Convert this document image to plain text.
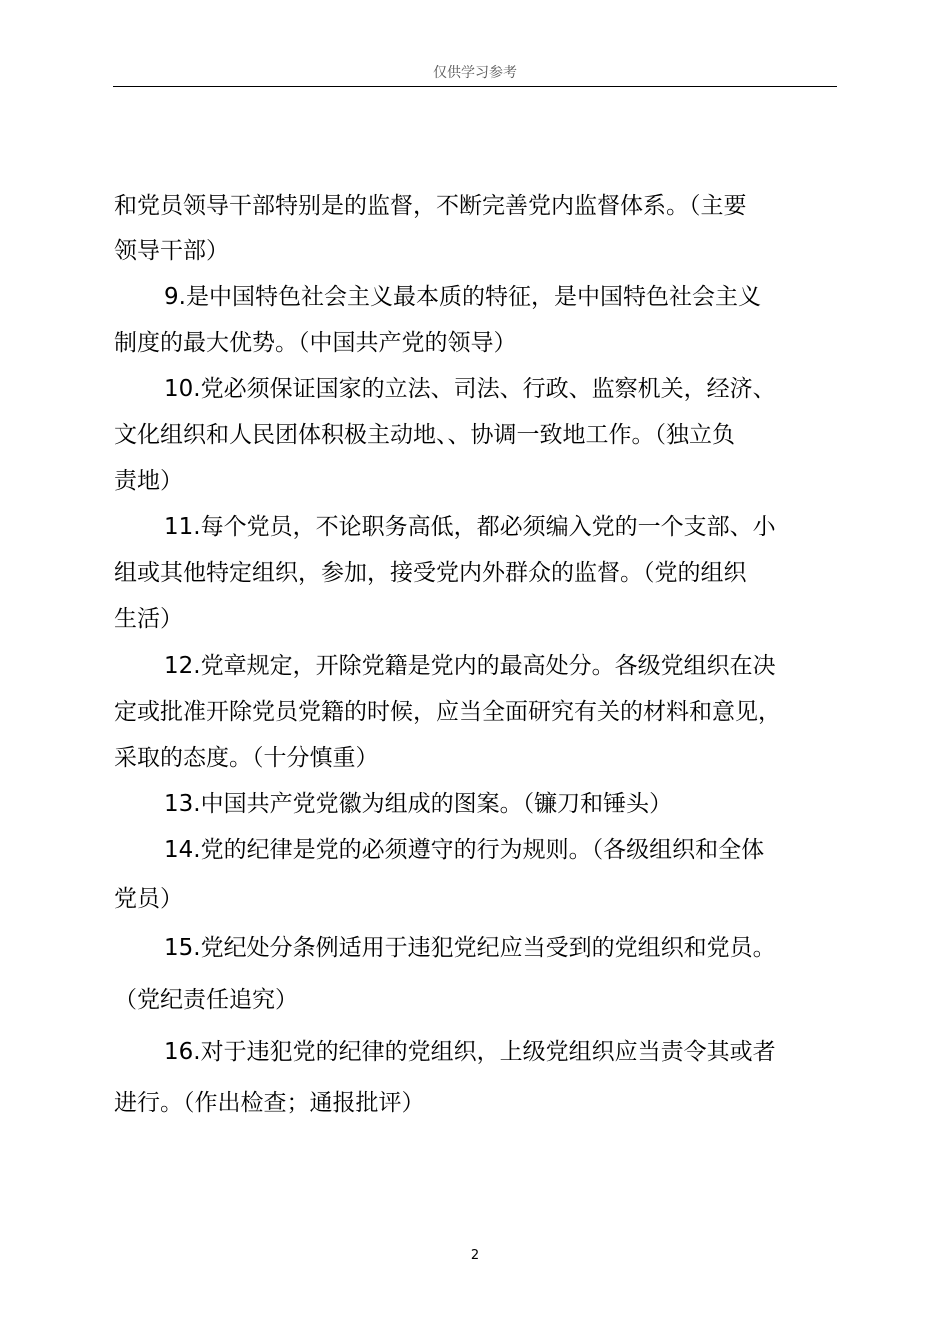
仅供学习参考
和党员领导干部特别是的监督，不断完善党内监督体系。（主要
领导干部）
9.是中国特色社会主义最本质的特征，是中国特色社会主义
制度的最大优势。（中国共产党的领导）
10.党必须保证国家的立法、司法、行政、监察机关，经济、
文化组织和人民团体积极主动地、、协调一致地工作。（独立负
责地）
11.每个党员，不论职务高低，都必须编入党的一个支部、小
组或其他特定组织，参加，接受党内外群众的监督。（党的组织
生活）
12.党章规定，开除党籍是党内的最高处分。各级党组织在决
定或批准开除党员党籍的时候，应当全面研究有关的材料和意见，
采取的态度。（十分慎重）
13.中国共产党党徽为组成的图案。（镰刀和锤头）
14.党的纪律是党的必须遵守的行为规则。（各级组织和全体
党员）
15.党纪处分条例适用于违犯党纪应当受到的党组织和党员。
（党纪责任追究）
16.对于违犯党的纪律的党组织，上级党组织应当责令其或者
进行。（作出检查；通报批评）
2
